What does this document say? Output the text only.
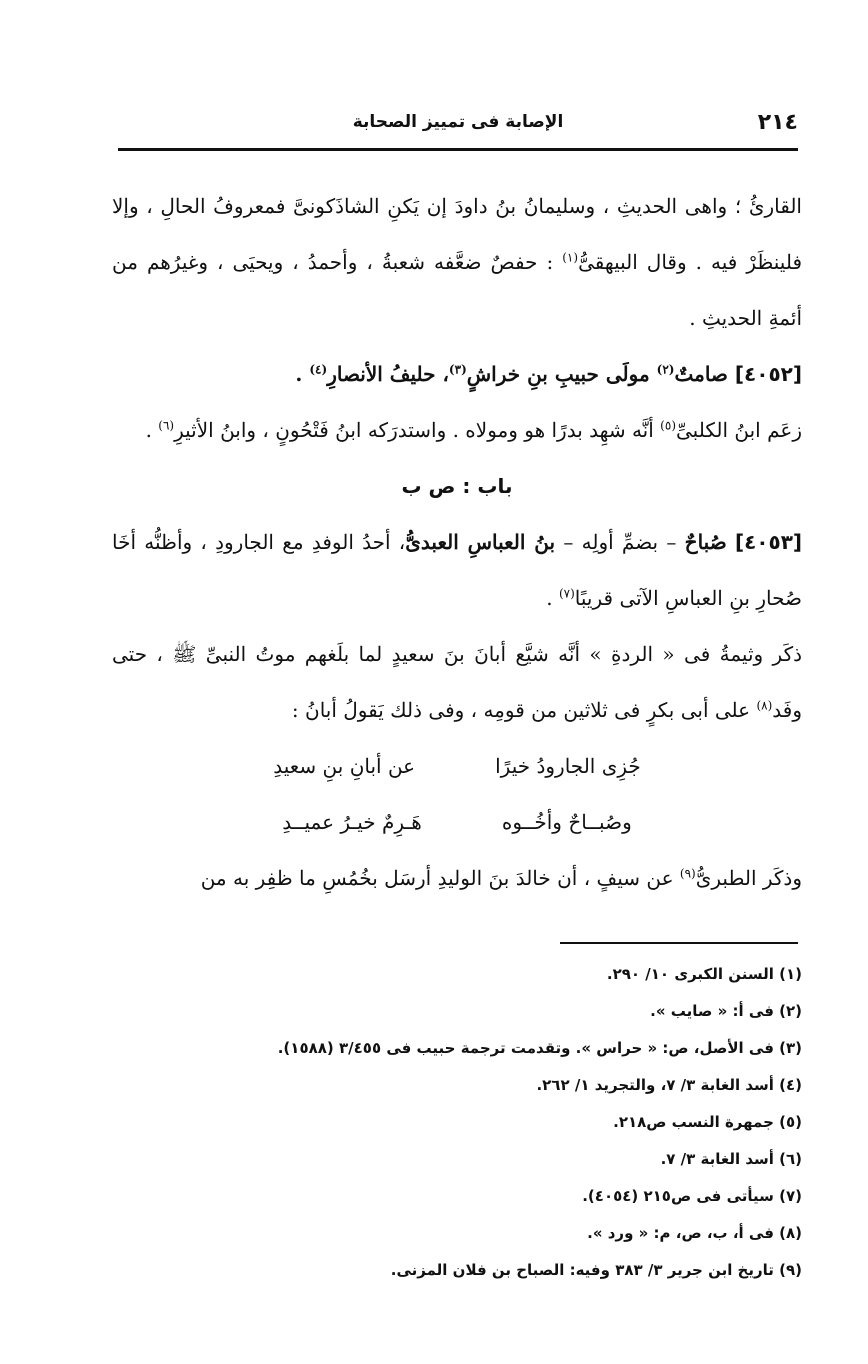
٢١٤
الإصابة فى تمييز الصحابة

القارئُ ؛ واهى الحديثِ ، وسليمانُ بنُ داودَ إن يَكنِ الشاذَكونىَّ فمعروفُ الحالِ ، وإلا فلينظَرْ فيه . وقال البيهقىُّ$^{(١)}$ : حفصٌ ضعَّفه شعبةُ ، وأحمدُ ، ويحيَى ، وغيرُهم من أئمةِ الحديثِ .

[٤٠٥٢] صامتٌ$^{(٢)}$ مولَى حبيبِ بنِ خراشٍ$^{(٣)}$، حليفُ الأنصارِ$^{(٤)}$ .

زعَم ابنُ الكلبىِّ$^{(٥)}$ أنَّه شهِد بدرًا هو ومولاه . واستدرَكه ابنُ فَتْحُونٍ ، وابنُ الأثيرِ$^{(٦)}$ .

باب : ص ب

[٤٠٥٣] صُباحٌ – بضمِّ أولِه – بنُ العباسِ العبدىُّ، أحدُ الوفدِ مع الجارودِ ، وأظنُّه أخَا صُحارِ بنِ العباسِ الآتى قريبًا$^{(٧)}$ .

ذكَر وثيمةُ فى « الردةِ » أنَّه شيَّع أبانَ بنَ سعيدٍ لما بلَغهم موتُ النبىِّ ﷺ ، حتى وفَد$^{(٨)}$ على أبى بكرٍ فى ثلاثين من قومِه ، وفى ذلك يَقولُ أبانُ :

جُزِى الجارودُ خيرًا
عن أبانِ بنِ سعيدِ
وصُبــاحٌ وأخُــوه
هَـرِمٌ خيـرُ عميــدِ

وذكَر الطبرىُّ$^{(٩)}$ عن سيفٍ ، أن خالدَ بنَ الوليدِ أرسَل بخُمُسِ ما ظفِر به من

(١) السنن الكبرى ١٠/ ٢٩٠.
(٢) فى أ: « صايب ».
(٣) فى الأصل، ص: « حراس ». وتقدمت ترجمة حبيب فى ٣/٤٥٥ (١٥٨٨).
(٤) أسد الغابة ٣/ ٧، والتجريد ١/ ٢٦٢.
(٥) جمهرة النسب ص٢١٨.
(٦) أسد الغابة ٣/ ٧.
(٧) سيأتى فى ص٢١٥ (٤٠٥٤).
(٨) فى أ، ب، ص، م: « ورد ».
(٩) تاريخ ابن جرير ٣/ ٣٨٣ وفيه: الصباح بن فلان المزنى.
